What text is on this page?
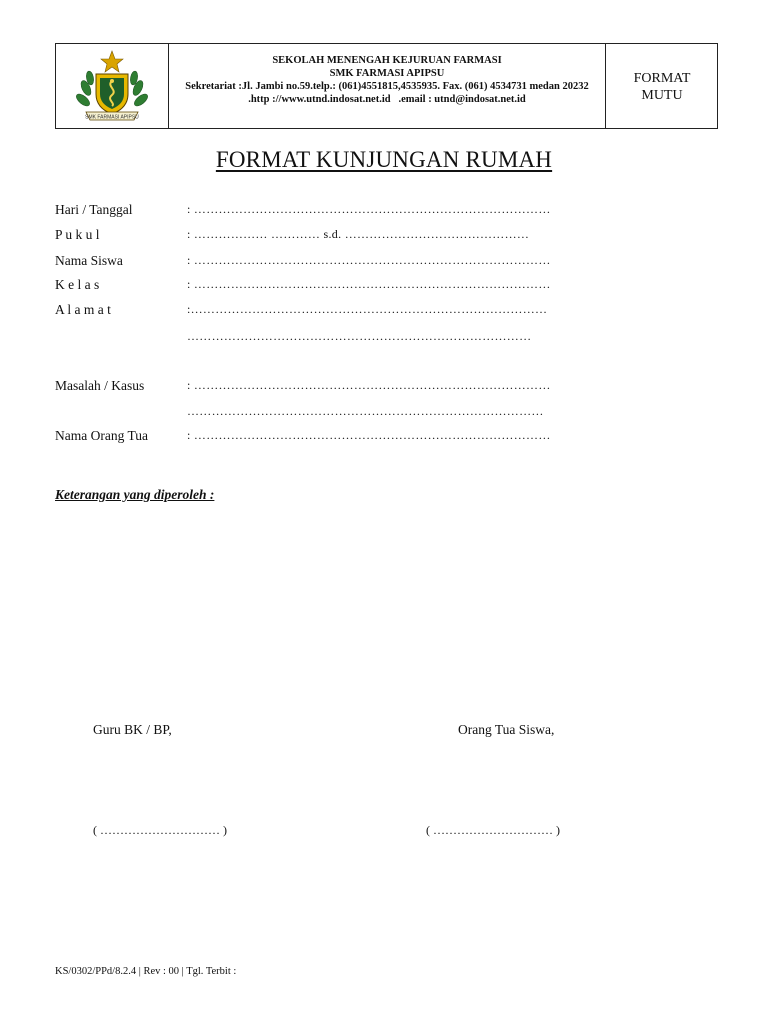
SMK FARMASI APIPSU
SEKOLAH MENENGAH KEJURUAN FARMASI
SMK FARMASI APIPSU
Sekretariat :Jl. Jambi no.59.telp.: (061)4551815,4535935. Fax. (061) 4534731 medan 20232
.http ://www.utnd.indosat.net.id   .email : utnd@indosat.net.id
FORMAT
MUTU
FORMAT KUNJUNGAN RUMAH
Hari / Tanggal	: ……………………………………………………………………………
P u k u l	: ……………… ………… s.d. ………………………………………
Nama Siswa	: ……………………………………………………………………………
K e l a s	: ……………………………………………………………………………
A l a m a t	:……………………………………………………………………………
…………………………………………………………………………
Masalah / Kasus	: ……………………………………………………………………………
……………………………………………………………………………
Nama Orang Tua	: ……………………………………………………………………………
Keterangan yang diperoleh :
Guru BK / BP,	Orang Tua Siswa,
( ………………………… )	( ………………………… )
KS/0302/PPd/8.2.4 | Rev : 00 | Tgl. Terbit :
